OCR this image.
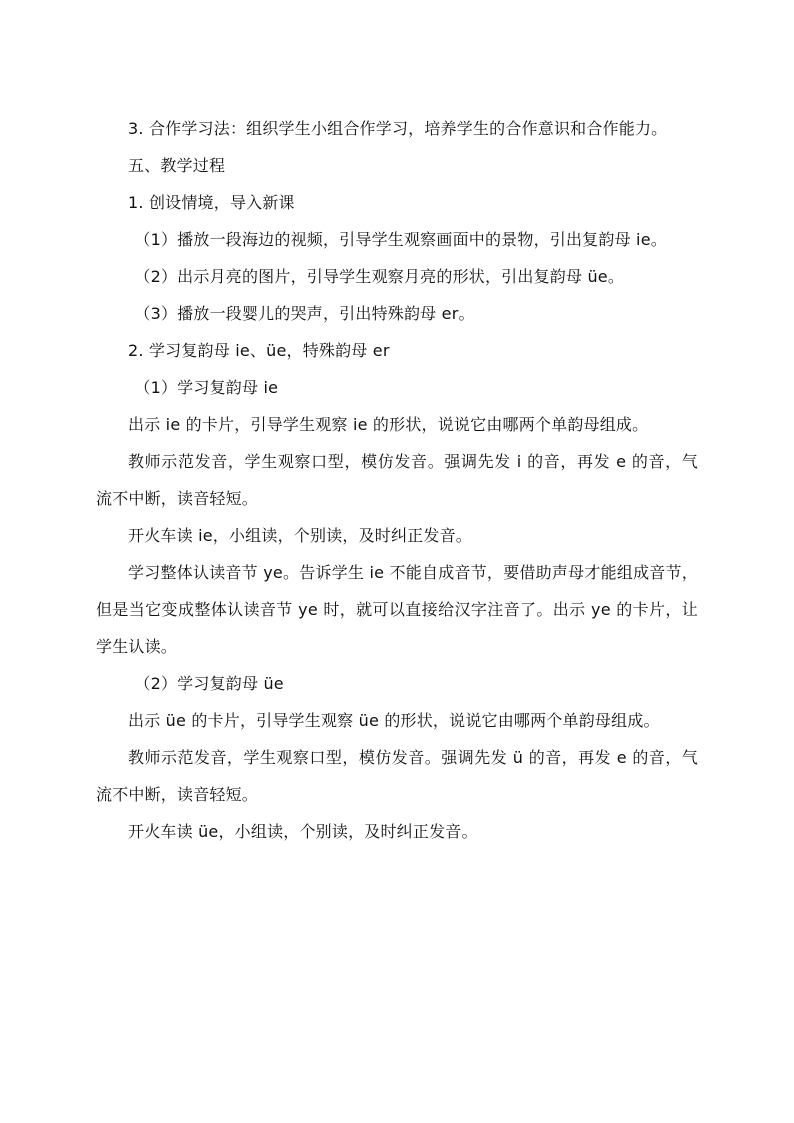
3. 合作学习法：组织学生小组合作学习，培养学生的合作意识和合作能力。

五、教学过程

1. 创设情境，导入新课

（1）播放一段海边的视频，引导学生观察画面中的景物，引出复韵母 ie。

（2）出示月亮的图片，引导学生观察月亮的形状，引出复韵母 üe。

（3）播放一段婴儿的哭声，引出特殊韵母 er。

2. 学习复韵母 ie、üe，特殊韵母 er

（1）学习复韵母 ie

出示 ie 的卡片，引导学生观察 ie 的形状，说说它由哪两个单韵母组成。

教师示范发音，学生观察口型，模仿发音。强调先发 i 的音，再发 e 的音，气流不中断，读音轻短。

开火车读 ie，小组读，个别读，及时纠正发音。

学习整体认读音节 ye。告诉学生 ie 不能自成音节，要借助声母才能组成音节，但是当它变成整体认读音节 ye 时，就可以直接给汉字注音了。出示 ye 的卡片，让学生认读。

（2）学习复韵母 üe

出示 üe 的卡片，引导学生观察 üe 的形状，说说它由哪两个单韵母组成。

教师示范发音，学生观察口型，模仿发音。强调先发 ü 的音，再发 e 的音，气流不中断，读音轻短。

开火车读 üe，小组读，个别读，及时纠正发音。
